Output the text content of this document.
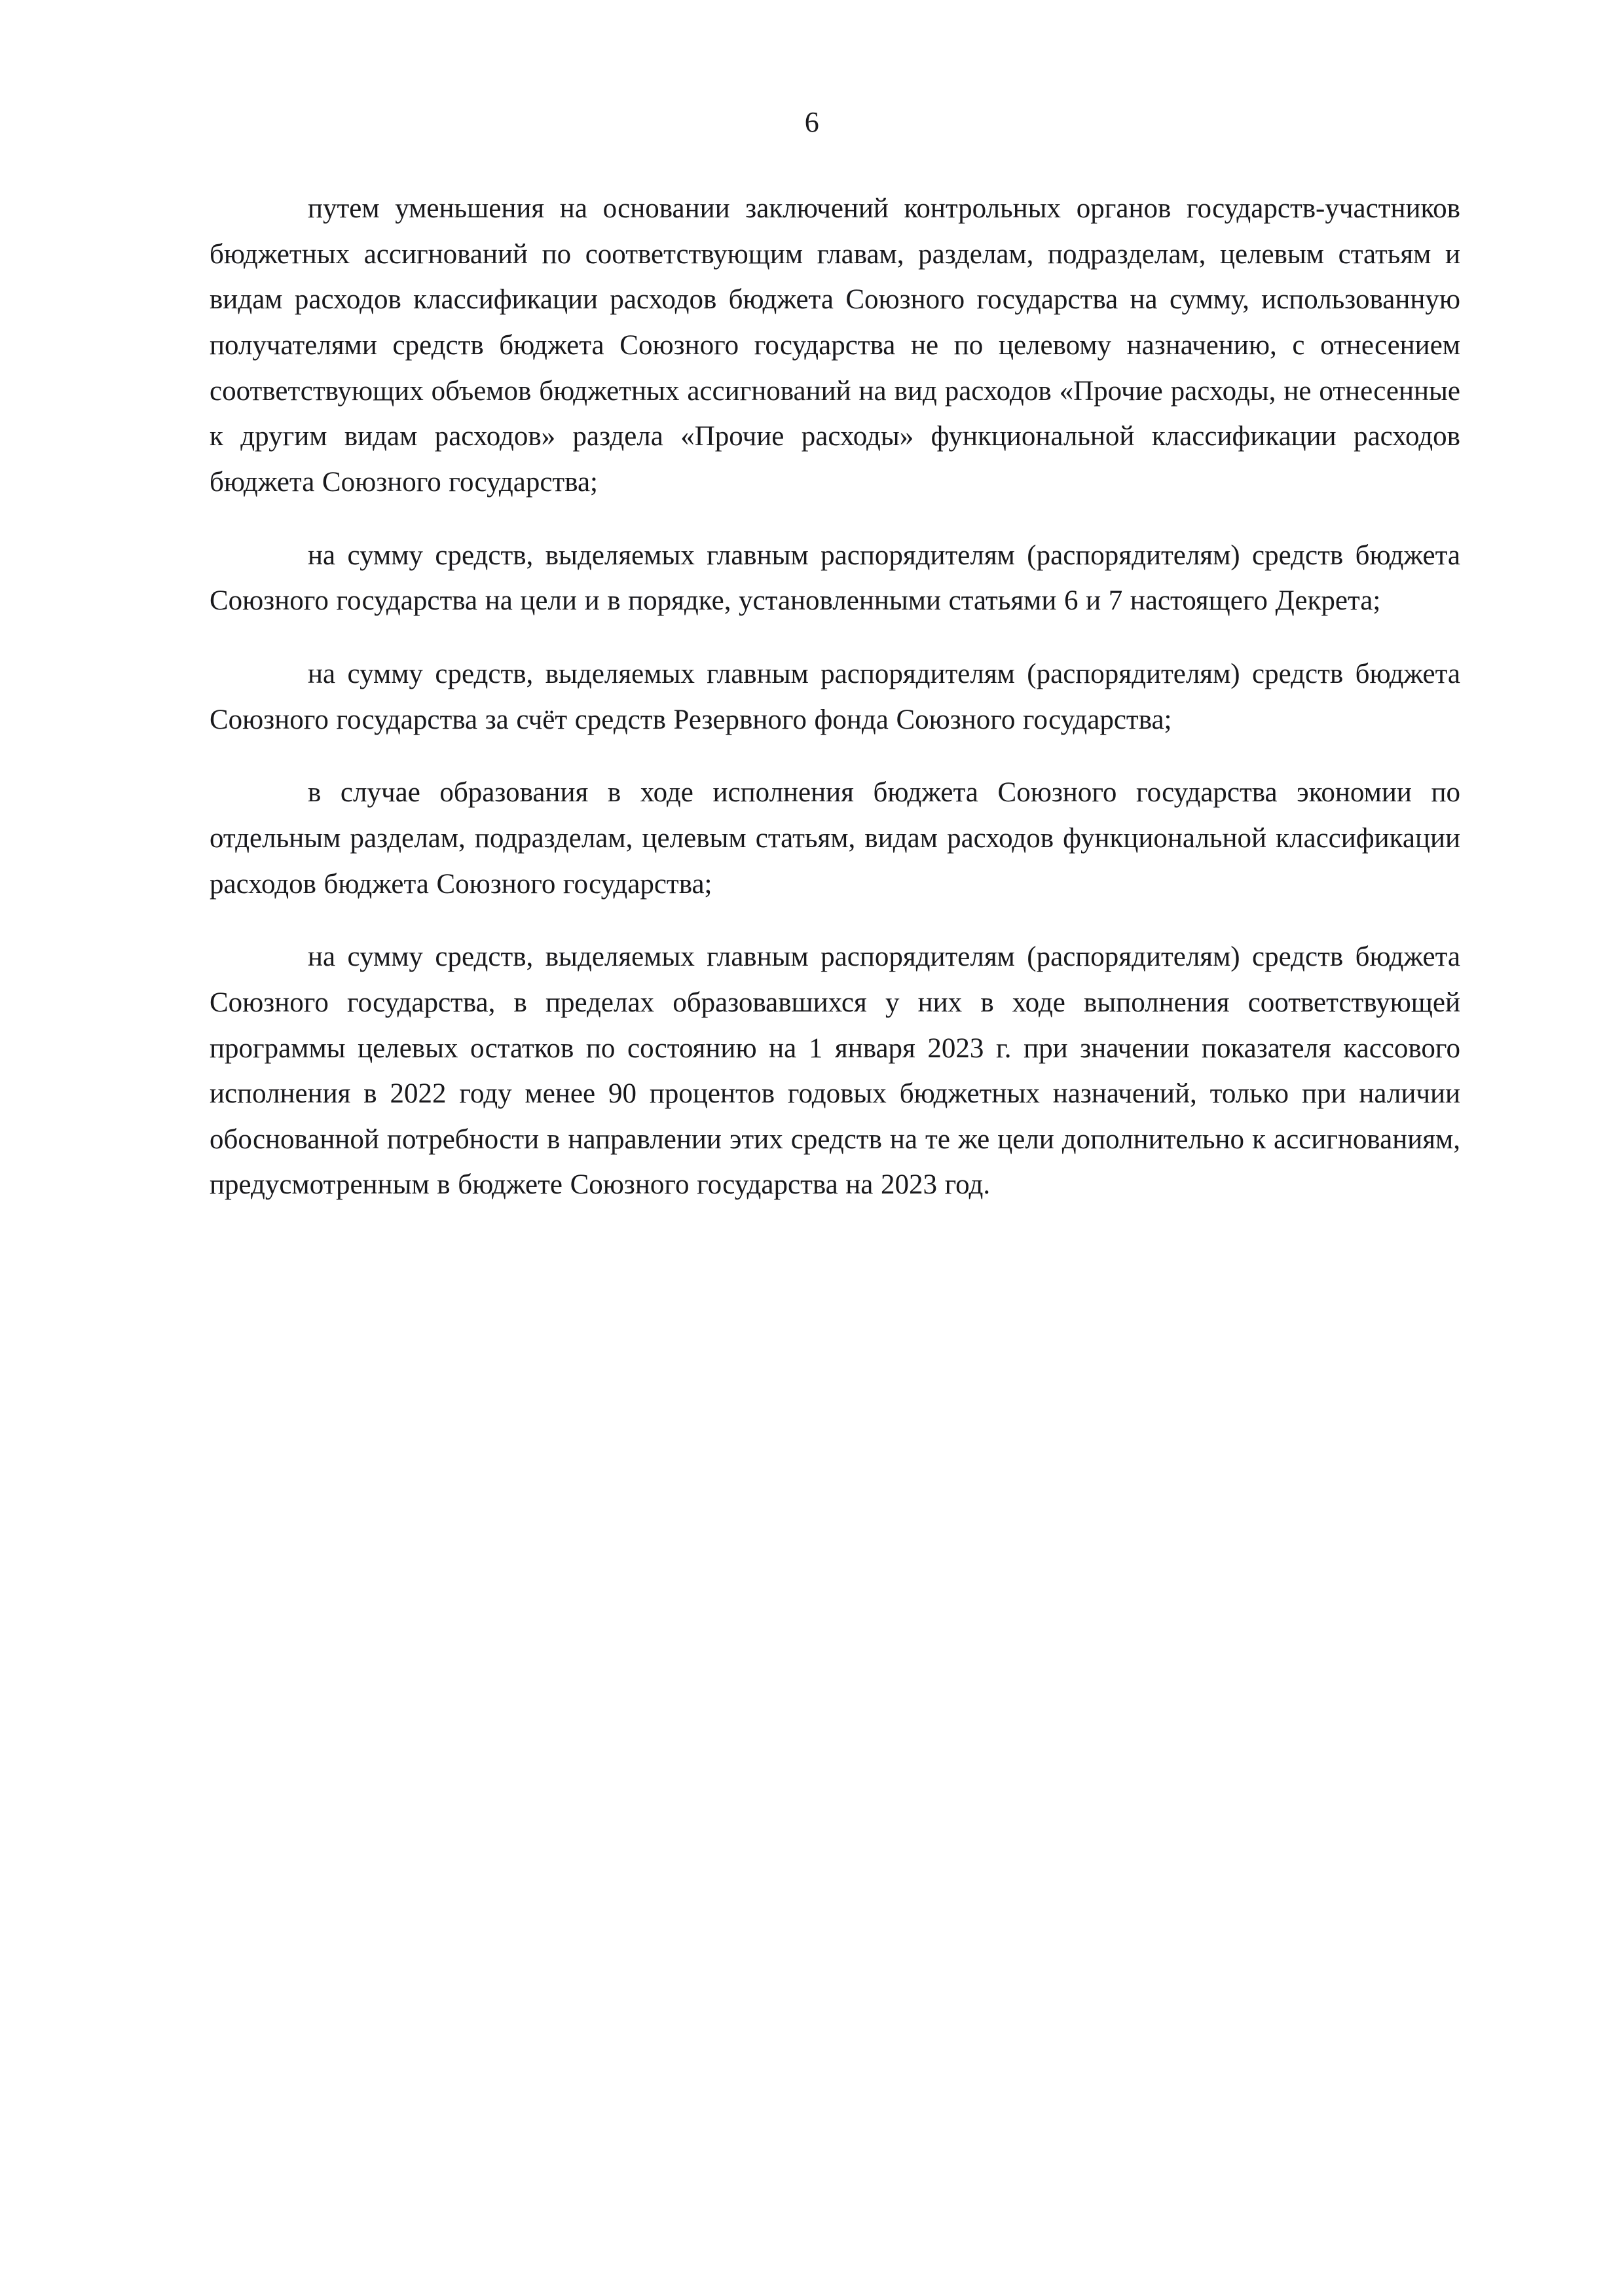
6

путем уменьшения на основании заключений контрольных органов государств-участников бюджетных ассигнований по соответствующим главам, разделам, подразделам, целевым статьям и видам расходов классификации расходов бюджета Союзного государства на сумму, использованную получателями средств бюджета Союзного государства не по целевому назначению, с отнесением соответствующих объемов бюджетных ассигнований на вид расходов «Прочие расходы, не отнесенные к другим видам расходов» раздела «Прочие расходы» функциональной классификации расходов бюджета Союзного государства;

на сумму средств, выделяемых главным распорядителям (распорядителям) средств бюджета Союзного государства на цели и в порядке, установленными статьями 6 и 7 настоящего Декрета;

на сумму средств, выделяемых главным распорядителям (распорядителям) средств бюджета Союзного государства за счёт средств Резервного фонда Союзного государства;

в случае образования в ходе исполнения бюджета Союзного государства экономии по отдельным разделам, подразделам, целевым статьям, видам расходов функциональной классификации расходов бюджета Союзного государства;

на сумму средств, выделяемых главным распорядителям (распорядителям) средств бюджета Союзного государства, в пределах образовавшихся у них в ходе выполнения соответствующей программы целевых остатков по состоянию на 1 января 2023 г. при значении показателя кассового исполнения в 2022 году менее 90 процентов годовых бюджетных назначений, только при наличии обоснованной потребности в направлении этих средств на те же цели дополнительно к ассигнованиям, предусмотренным в бюджете Союзного государства на 2023 год.
